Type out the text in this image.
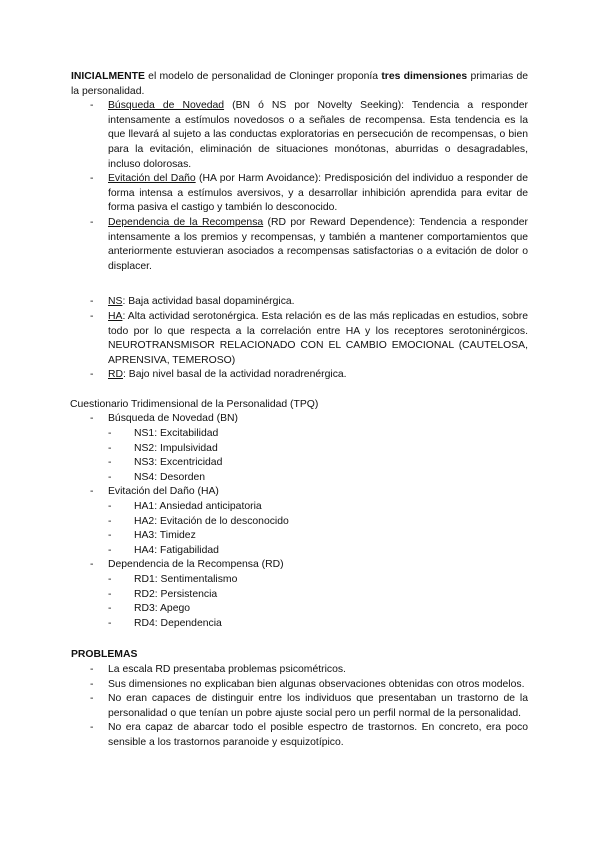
INICIALMENTE el modelo de personalidad de Cloninger proponía tres dimensiones primarias de la personalidad.

- Búsqueda de Novedad (BN ó NS por Novelty Seeking): Tendencia a responder intensamente a estímulos novedosos o a señales de recompensa. Esta tendencia es la que llevará al sujeto a las conductas exploratorias en persecución de recompensas, o bien para la evitación, eliminación de situaciones monótonas, aburridas o desagradables, incluso dolorosas.
- Evitación del Daño (HA por Harm Avoidance): Predisposición del individuo a responder de forma intensa a estímulos aversivos, y a desarrollar inhibición aprendida para evitar de forma pasiva el castigo y también lo desconocido.
- Dependencia de la Recompensa (RD por Reward Dependence): Tendencia a responder intensamente a los premios y recompensas, y también a mantener comportamientos que anteriormente estuvieran asociados a recompensas satisfactorias o a evitación de dolor o displacer.
- NS: Baja actividad basal dopaminérgica.
- HA: Alta actividad serotonérgica. Esta relación es de las más replicadas en estudios, sobre todo por lo que respecta a la correlación entre HA y los receptores serotoninérgicos. NEUROTRANSMISOR RELACIONADO CON EL CAMBIO EMOCIONAL (CAUTELOSA, APRENSIVA, TEMEROSO)
- RD: Bajo nivel basal de la actividad noradrenérgica.

Cuestionario Tridimensional de la Personalidad (TPQ)

- Búsqueda de Novedad (BN)
- NS1: Excitabilidad
- NS2: Impulsividad
- NS3: Excentricidad
- NS4: Desorden
- Evitación del Daño (HA)
- HA1: Ansiedad anticipatoria
- HA2: Evitación de lo desconocido
- HA3: Timidez
- HA4: Fatigabilidad
- Dependencia de la Recompensa (RD)
- RD1: Sentimentalismo
- RD2: Persistencia
- RD3: Apego
- RD4: Dependencia

PROBLEMAS

- La escala RD presentaba problemas psicométricos.
- Sus dimensiones no explicaban bien algunas observaciones obtenidas con otros modelos.
- No eran capaces de distinguir entre los individuos que presentaban un trastorno de la personalidad o que tenían un pobre ajuste social pero un perfil normal de la personalidad.
- No era capaz de abarcar todo el posible espectro de trastornos. En concreto, era poco sensible a los trastornos paranoide y esquizotípico.
